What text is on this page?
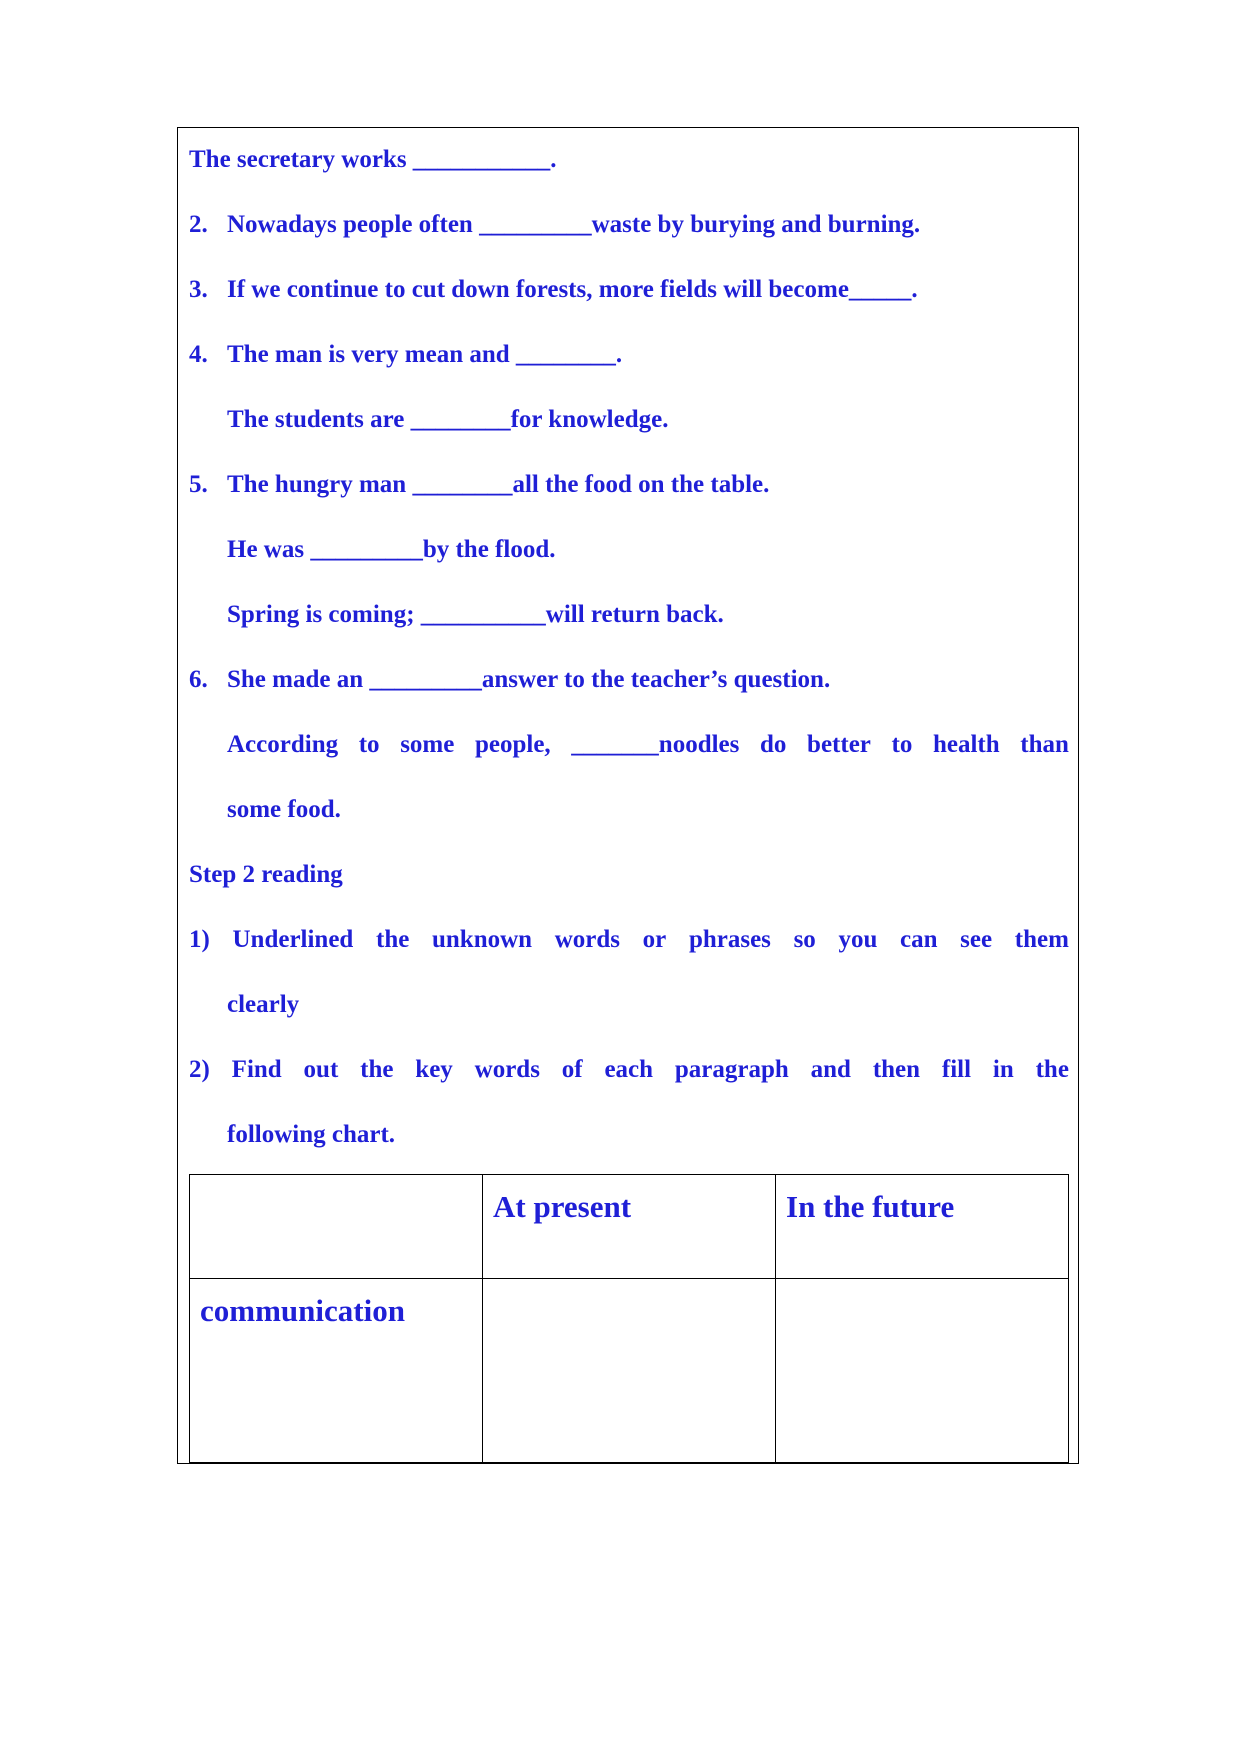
The secretary works ___________.
2. Nowadays people often _________waste by burying and burning.
3. If we continue to cut down forests, more fields will become_____.
4. The man is very mean and ________.
The students are ________for knowledge.
5. The hungry man ________all the food on the table.
He was _________by the flood.
Spring is coming; __________will return back.
6. She made an _________answer to the teacher’s question.
According to some people, _______noodles do better to health than
some food.
Step 2 reading
1) Underlined the unknown words or phrases so you can see them
clearly
2) Find out the key words of each paragraph and then fill in the
following chart.
	At present	In the future
communication		
